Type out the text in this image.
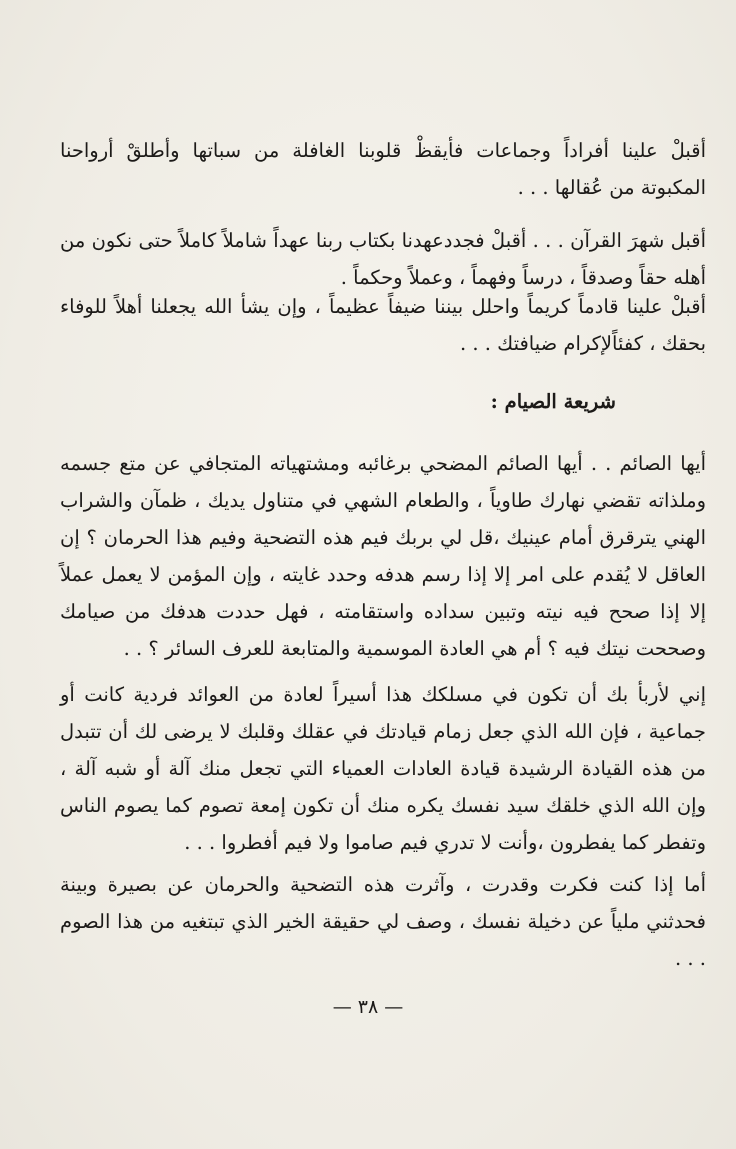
أقبلْ علينا أفراداً وجماعات فأيقظْ قلوبنا الغافلة من سباتها وأطلقْ أرواحنا المكبوتة من عُقالها . . .

أقبل شهرَ القرآن . . . أقبلْ فجددعهدنا بكتاب ربنا عهداً شاملاً كاملاً حتى نكون من أهله حقاً وصدقاً ، درساً وفهماً ، وعملاً وحكماً .

أقبلْ علينا قادماً كريماً واحلل بيننا ضيفاً عظيماً ، وإن يشأ الله يجعلنا أهلاً للوفاء بحقك ، كفئاًلإكرام ضيافتك . . .

شريعة الصيام :

أيها الصائم . . أيها الصائم المضحي برغائبه ومشتهياته المتجافي عن متع جسمه وملذاته تقضي نهارك طاوياً ، والطعام الشهي في متناول يديك ، ظمآن والشراب الهني يترقرق أمام عينيك ،قل لي بربك فيم هذه التضحية وفيم هذا الحرمان ؟ إن العاقل لا يُقدم على امر إلا إذا رسم هدفه وحدد غايته ، وإن المؤمن لا يعمل عملاً إلا إذا صحح فيه نيته وتبين سداده واستقامته ، فهل حددت هدفك من صيامك وصححت نيتك فيه ؟ أم هي العادة الموسمية والمتابعة للعرف السائر ؟ . .

إني لأربأ بك أن تكون في مسلكك هذا أسيراً لعادة من العوائد فردية كانت أو جماعية ، فإن الله الذي جعل زمام قيادتك في عقلك وقلبك لا يرضى لك أن تتبدل من هذه القيادة الرشيدة قيادة العادات العمياء التي تجعل منك آلة أو شبه آلة ، وإن الله الذي خلقك سيد نفسك يكره منك أن تكون إمعة تصوم كما يصوم الناس وتفطر كما يفطرون ،وأنت لا تدري فيم صاموا ولا فيم أفطروا . . .

أما إذا كنت فكرت وقدرت ، وآثرت هذه التضحية والحرمان عن بصيرة وبينة فحدثني ملياً عن دخيلة نفسك ، وصف لي حقيقة الخير الذي تبتغيه من هذا الصوم . . .

— ٣٨ —
